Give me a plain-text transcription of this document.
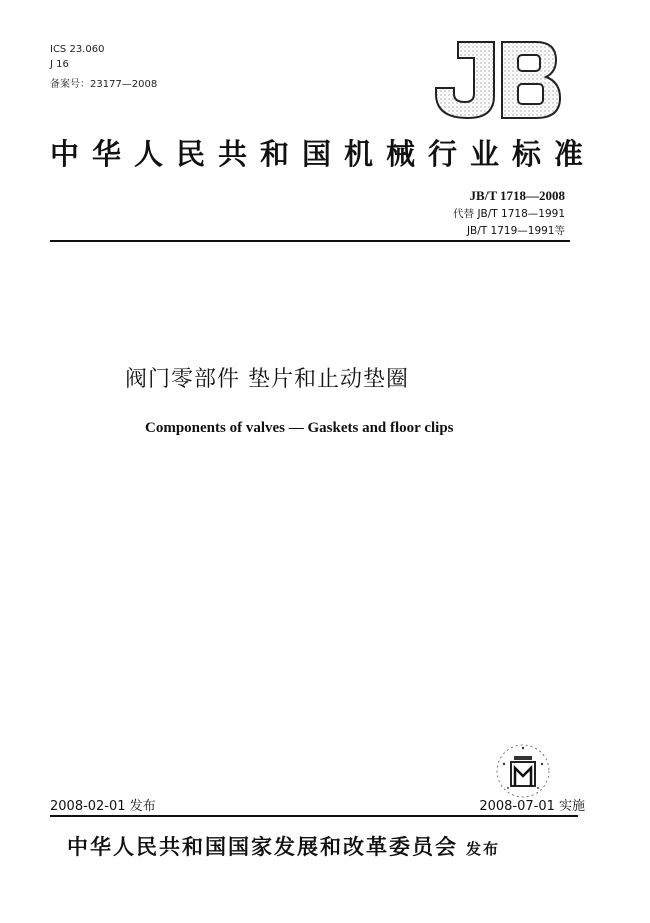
ICS 23.060
J 16
备案号：23177—2008
中华人民共和国机械行业标准
JB/T 1718—2008
代替 JB/T 1718—1991
JB/T 1719—1991等
阀门零部件 垫片和止动垫圈
Components of valves — Gaskets and floor clips
2008-02-01 发布	2008-07-01 实施
中华人民共和国国家发展和改革委员会 发布
